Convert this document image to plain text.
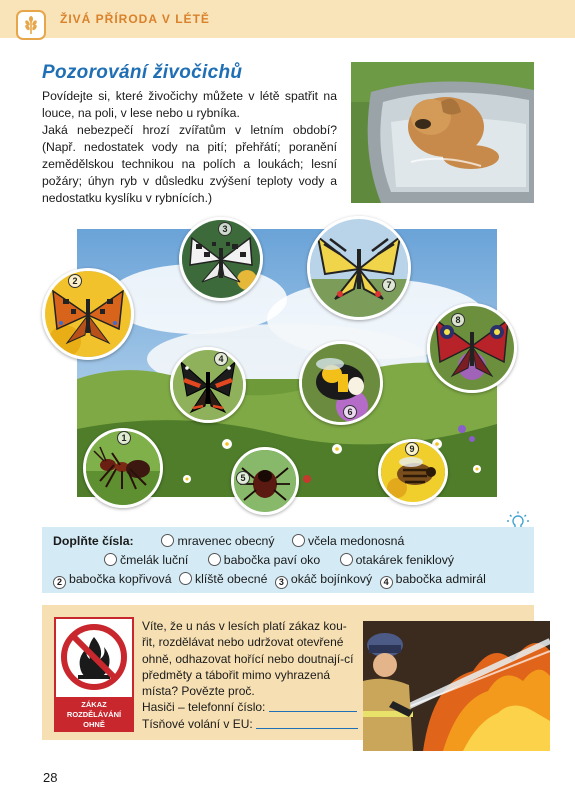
ŽIVÁ PŘÍRODA V LÉTĚ
Pozorování živočichů

Povídejte si, které živočichy můžete v létě spatřit na louce, na poli, v lese nebo u rybníka.

Jaká nebezpečí hrozí zvířatům v letním období? (Např. nedostatek vody na pití; přehřátí; poranění zemědělskou technikou na polích a loukách; lesní požáry; úhyn ryb v důsledku zvýšení teploty vody a nedostatku kyslíku v rybnících.)

3
7
2
8
4
6
1
5
9
Doplňte čísla:	mravenec obecný	včela medonosná
čmelák luční	babočka paví oko	otakárek feniklový
2 babočka kopřivová klíště obecné 3 okáč bojínkový 4 babočka admirál
ZÁKAZ
ROZDĚLÁVÁNÍ
OHNĚ

Víte, že u nás v lesích platí zákaz kou-řit, rozdělávat nebo udržovat otevřené ohně, odhazovat hořící nebo doutnají-cí předměty a tábořit mimo vyhrazená místa? Povězte proč.

Hasiči – telefonní číslo:

Tísňové volání v EU:

28
